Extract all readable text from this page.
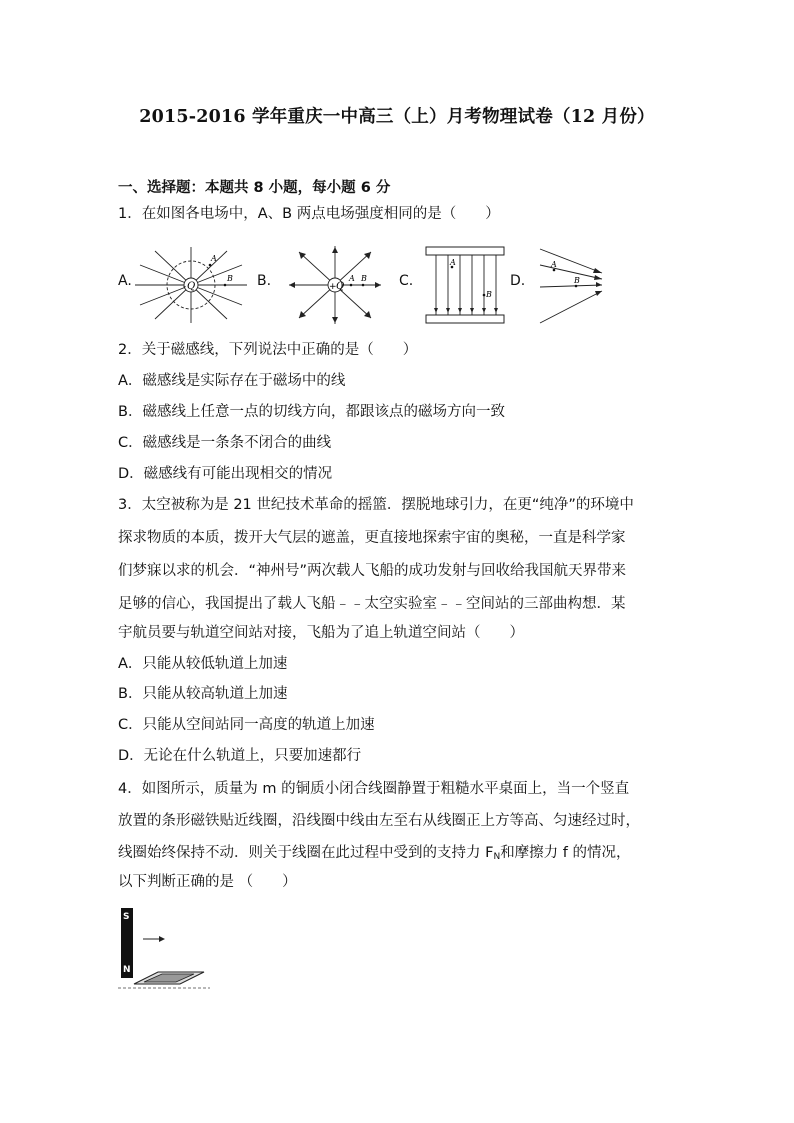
2015-2016 学年重庆一中高三（上）月考物理试卷（12 月份）
一、选择题：本题共 8 小题，每小题 6 分
1．在如图各电场中，A、B 两点电场强度相同的是（　　）
A.	B.	C.	D.
Q
-
A
B
+ Q
A B
A
B
A
B
2．关于磁感线，下列说法中正确的是（　　）
A．磁感线是实际存在于磁场中的线
B．磁感线上任意一点的切线方向，都跟该点的磁场方向一致
C．磁感线是一条条不闭合的曲线
D．磁感线有可能出现相交的情况
3．太空被称为是 21 世纪技术革命的摇篮．摆脱地球引力，在更“纯净”的环境中
探求物质的本质，拨开大气层的遮盖，更直接地探索宇宙的奥秘，一直是科学家
们梦寐以求的机会．“神州号”两次载人飞船的成功发射与回收给我国航天界带来
足够的信心，我国提出了载人飞船﹣﹣太空实验室﹣﹣空间站的三部曲构想．某
宇航员要与轨道空间站对接，飞船为了追上轨道空间站（　　）
A．只能从较低轨道上加速
B．只能从较高轨道上加速
C．只能从空间站同一高度的轨道上加速
D．无论在什么轨道上，只要加速都行
4．如图所示，质量为 m 的铜质小闭合线圈静置于粗糙水平桌面上，当一个竖直
放置的条形磁铁贴近线圈，沿线圈中线由左至右从线圈正上方等高、匀速经过时，
线圈始终保持不动．则关于线圈在此过程中受到的支持力 $F_N$和摩擦力 f 的情况，
以下判断正确的是 （　　）
S
N
